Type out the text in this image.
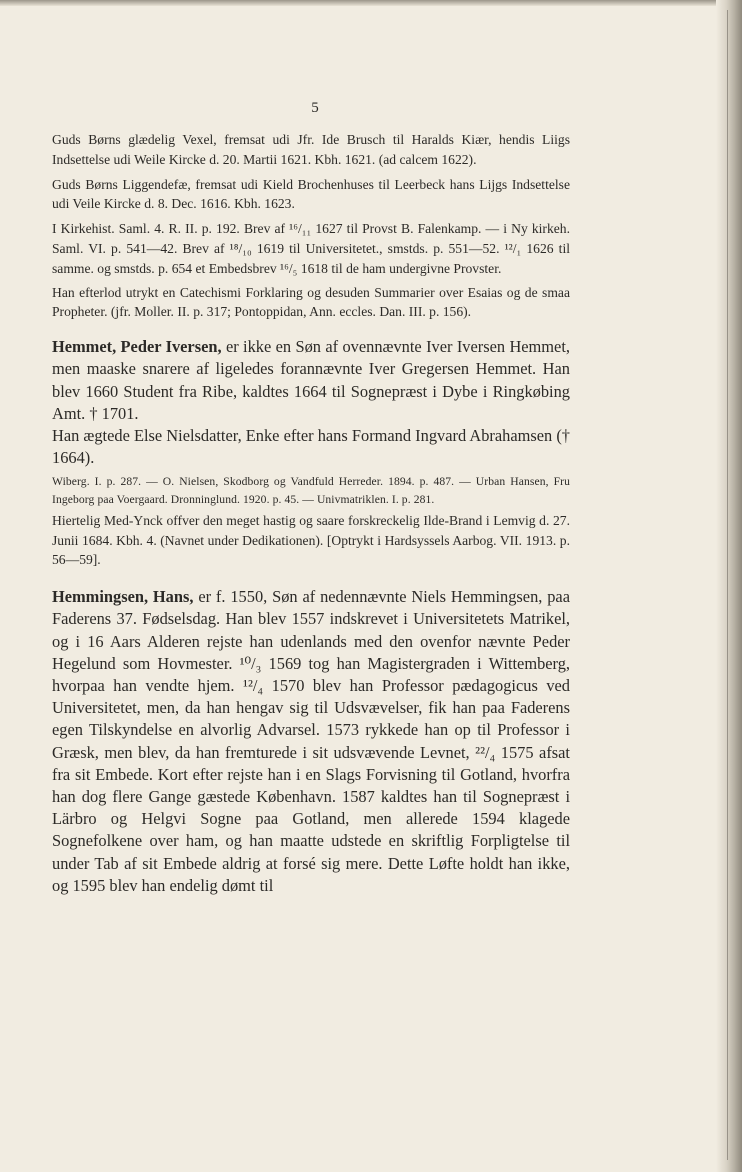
5

Guds Børns glædelig Vexel, fremsat udi Jfr. Ide Brusch til Haralds Kiær, hendis Liigs Indsettelse udi Weile Kircke d. 20. Martii 1621. Kbh. 1621. (ad calcem 1622).

Guds Børns Liggendefæ, fremsat udi Kield Brochenhuses til Leerbeck hans Lijgs Indsettelse udi Veile Kircke d. 8. Dec. 1616. Kbh. 1623.

I Kirkehist. Saml. 4. R. II. p. 192. Brev af ¹⁶/₁₁ 1627 til Provst B. Falenkamp. — i Ny kirkeh. Saml. VI. p. 541—42. Brev af ¹⁸/₁₀ 1619 til Universitetet., smstds. p. 551—52. ¹²/₁ 1626 til samme. og smstds. p. 654 et Embedsbrev ¹⁶/₅ 1618 til de ham undergivne Provster.

Han efterlod utrykt en Catechismi Forklaring og desuden Summarier over Esaias og de smaa Propheter. (jfr. Moller. II. p. 317; Pontoppidan, Ann. eccles. Dan. III. p. 156).

Hemmet, Peder Iversen, er ikke en Søn af ovennævnte Iver Iversen Hemmet, men maaske snarere af ligeledes forannævnte Iver Gregersen Hemmet. Han blev 1660 Student fra Ribe, kaldtes 1664 til Sognepræst i Dybe i Ringkøbing Amt. † 1701.

Han ægtede Else Nielsdatter, Enke efter hans Formand Ingvard Abrahamsen († 1664).

Wiberg. I. p. 287. — O. Nielsen, Skodborg og Vandfuld Herreder. 1894. p. 487. — Urban Hansen, Fru Ingeborg paa Voergaard. Dronninglund. 1920. p. 45. — Univmatriklen. I. p. 281.

Hiertelig Med-Ynck offver den meget hastig og saare forskreckelig Ilde-Brand i Lemvig d. 27. Junii 1684. Kbh. 4. (Navnet under Dedikationen). [Optrykt i Hardsyssels Aarbog. VII. 1913. p. 56—59].

Hemmingsen, Hans, er f. 1550, Søn af nedennævnte Niels Hemmingsen, paa Faderens 37. Fødselsdag. Han blev 1557 indskrevet i Universitetets Matrikel, og i 16 Aars Alderen rejste han udenlands med den ovenfor nævnte Peder Hegelund som Hovmester. ¹⁰/₃ 1569 tog han Magistergraden i Wittemberg, hvorpaa han vendte hjem. ¹²/₄ 1570 blev han Professor pædagogicus ved Universitetet, men, da han hengav sig til Udsvævelser, fik han paa Faderens egen Tilskyndelse en alvorlig Advarsel. 1573 rykkede han op til Professor i Græsk, men blev, da han fremturede i sit udsvævende Levnet, ²²/₄ 1575 afsat fra sit Embede. Kort efter rejste han i en Slags Forvisning til Gotland, hvorfra han dog flere Gange gæstede København. 1587 kaldtes han til Sognepræst i Lärbro og Helgvi Sogne paa Gotland, men allerede 1594 klagede Sognefolkene over ham, og han maatte udstede en skriftlig Forpligtelse til under Tab af sit Embede aldrig at forsé sig mere. Dette Løfte holdt han ikke, og 1595 blev han endelig dømt til
